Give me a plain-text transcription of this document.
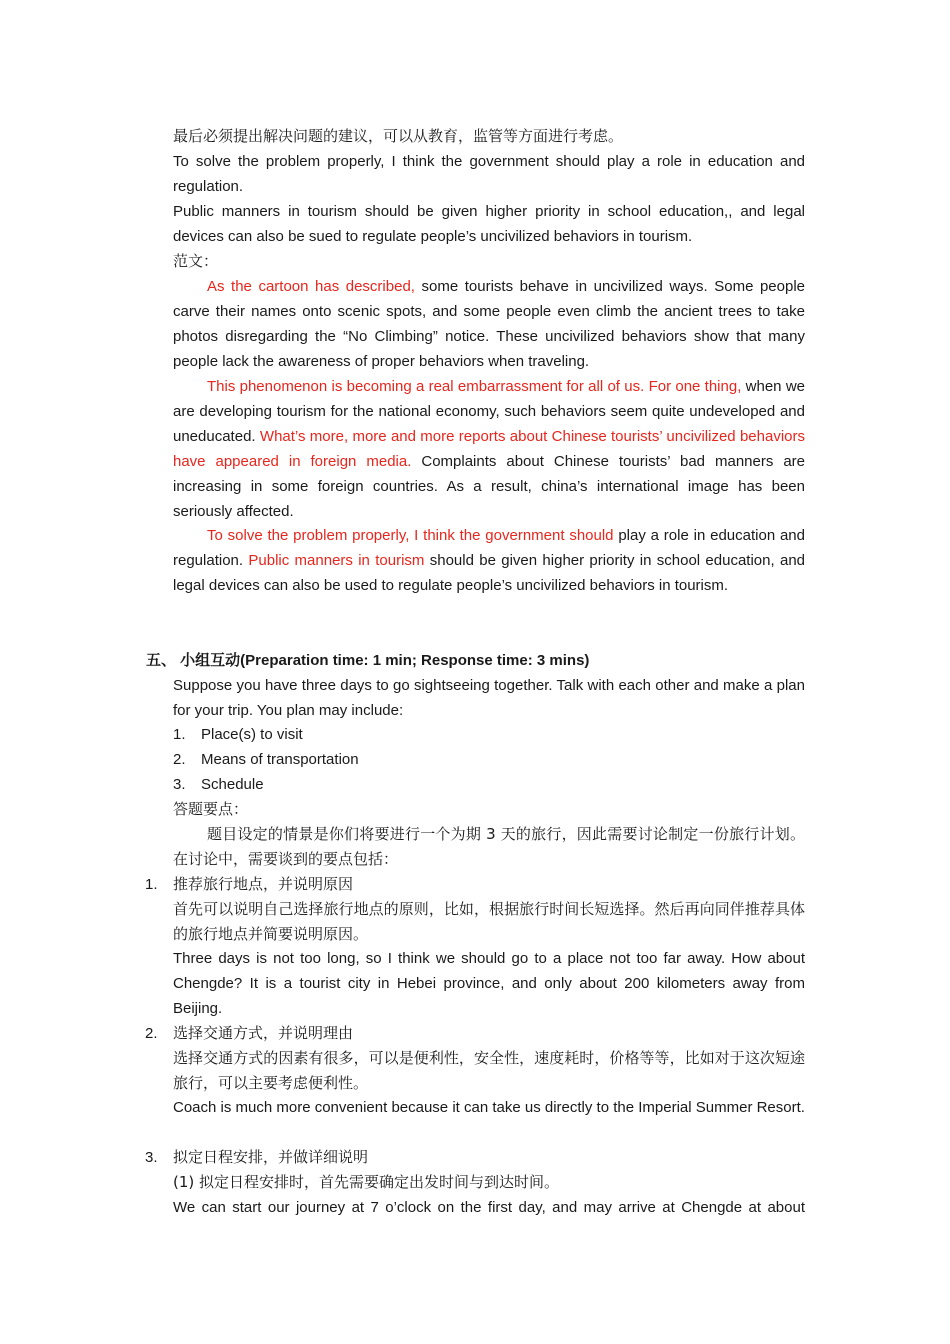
最后必须提出解决问题的建议，可以从教育，监管等方面进行考虑。
To solve the problem properly, I think the government should play a role in education and regulation.
Public manners in tourism should be given higher priority in school education,, and legal devices can also be sued to regulate people’s uncivilized behaviors in tourism.
范文：
As the cartoon has described, some tourists behave in uncivilized ways. Some people carve their names onto scenic spots, and some people even climb the ancient trees to take photos disregarding the “No Climbing” notice. These uncivilized behaviors show that many people lack the awareness of proper behaviors when traveling.
This phenomenon is becoming a real embarrassment for all of us. For one thing, when we are developing tourism for the national economy, such behaviors seem quite undeveloped and uneducated. What’s more, more and more reports about Chinese tourists’ uncivilized behaviors have appeared in foreign media. Complaints about Chinese tourists’ bad manners are increasing in some foreign countries. As a result, china’s international image has been seriously affected.
To solve the problem properly, I think the government should play a role in education and regulation. Public manners in tourism should be given higher priority in school education, and legal devices can also be used to regulate people’s uncivilized behaviors in tourism.
五、 小组互动(Preparation time: 1 min; Response time: 3 mins)
Suppose you have three days to go sightseeing together. Talk with each other and make a plan for your trip. You plan may include:
1. Place(s) to visit
2. Means of transportation
3. Schedule
答题要点：
题目设定的情景是你们将要进行一个为期 3 天的旅行，因此需要讨论制定一份旅行计划。在讨论中，需要谈到的要点包括：
1. 推荐旅行地点，并说明原因
首先可以说明自己选择旅行地点的原则，比如，根据旅行时间长短选择。然后再向同伴推荐具体的旅行地点并简要说明原因。
Three days is not too long, so I think we should go to a place not too far away. How about Chengde? It is a tourist city in Hebei province, and only about 200 kilometers away from Beijing.
2. 选择交通方式，并说明理由
选择交通方式的因素有很多，可以是便利性，安全性，速度耗时，价格等等，比如对于这次短途旅行，可以主要考虑便利性。
Coach is much more convenient because it can take us directly to the Imperial Summer Resort.
3. 拟定日程安排，并做详细说明
(1) 拟定日程安排时，首先需要确定出发时间与到达时间。
We can start our journey at 7 o’clock on the first day, and may arrive at Chengde at about
